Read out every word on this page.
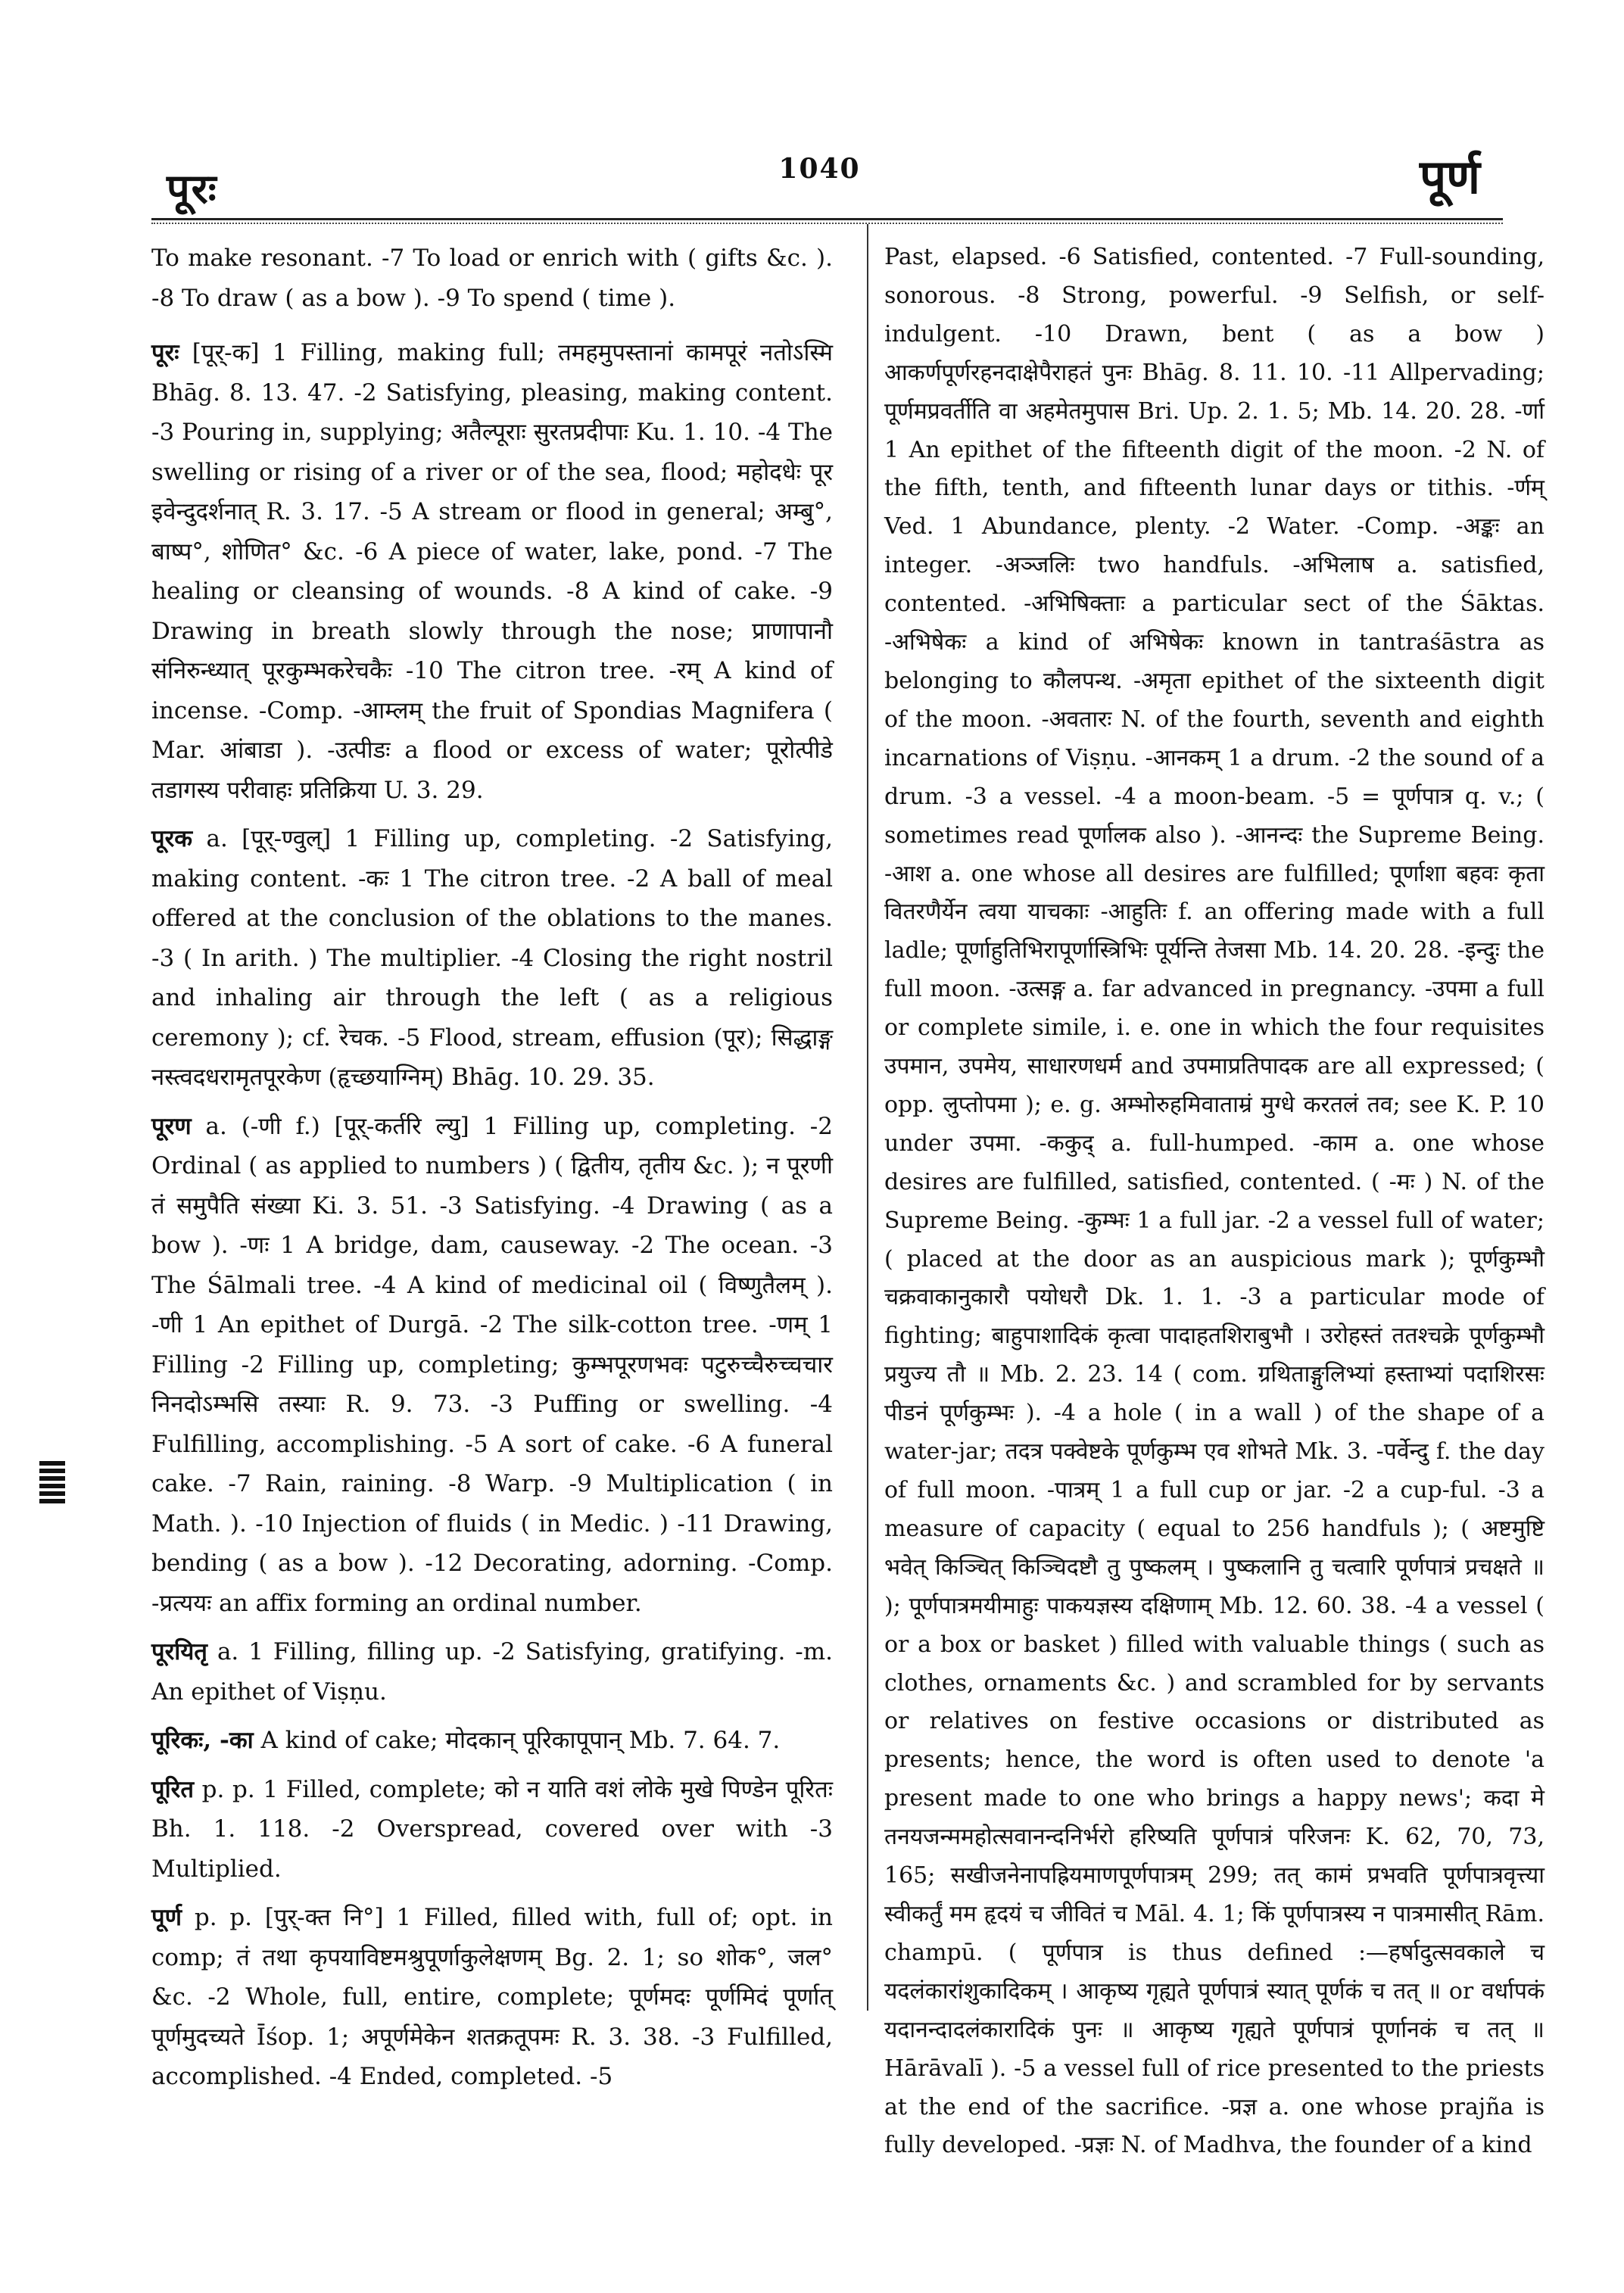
पूरः	1040	पूर्ण

To make resonant. -7 To load or enrich with ( gifts &c. ). -8 To draw ( as a bow ). -9 To spend ( time ).

पूरः [पूर्-क] 1 Filling, making full; तमहमुपस्तानां कामपूरं नतोऽस्मि Bhāg. 8. 13. 47. -2 Satisfying, pleasing, making content. -3 Pouring in, supplying; अतैल्पूराः सुरतप्रदीपाः Ku. 1. 10. -4 The swelling or rising of a river or of the sea, flood; महोदधेः पूर इवेन्दुदर्शनात् R. 3. 17. -5 A stream or flood in general; अम्बु°, बाष्प°, शोणित° &c. -6 A piece of water, lake, pond. -7 The healing or cleansing of wounds. -8 A kind of cake. -9 Drawing in breath slowly through the nose; प्राणापानौ संनिरुन्ध्यात् पूरकुम्भकरेचकैः -10 The citron tree. -रम् A kind of incense. -Comp. -आम्लम् the fruit of Spondias Magnifera ( Mar. आंबाडा ). -उत्पीडः a flood or excess of water; पूरोत्पीडे तडागस्य परीवाहः प्रतिक्रिया U. 3. 29.

पूरक a. [पूर्-ण्वुल्] 1 Filling up, completing. -2 Satisfying, making content. -कः 1 The citron tree. -2 A ball of meal offered at the conclusion of the oblations to the manes. -3 ( In arith. ) The multiplier. -4 Closing the right nostril and inhaling air through the left ( as a religious ceremony ); cf. रेचक. -5 Flood, stream, effusion (पूर); सिद्धाङ्ग नस्त्वदधरामृतपूरकेण (हृच्छयाग्निम्) Bhāg. 10. 29. 35.

पूरण a. (-णी f.) [पूर्-कर्तरि ल्यु] 1 Filling up, completing. -2 Ordinal ( as applied to numbers ) ( द्वितीय, तृतीय &c. ); न पूरणी तं समुपैति संख्या Ki. 3. 51. -3 Satisfying. -4 Drawing ( as a bow ). -णः 1 A bridge, dam, causeway. -2 The ocean. -3 The Śālmali tree. -4 A kind of medicinal oil ( विष्णुतैलम् ). -णी 1 An epithet of Durgā. -2 The silk-cotton tree. -णम् 1 Filling -2 Filling up, completing; कुम्भपूरणभवः पटुरुच्चैरुच्चचार निनदोऽम्भसि तस्याः R. 9. 73. -3 Puffing or swelling. -4 Fulfilling, accomplishing. -5 A sort of cake. -6 A funeral cake. -7 Rain, raining. -8 Warp. -9 Multiplication ( in Math. ). -10 Injection of fluids ( in Medic. ) -11 Drawing, bending ( as a bow ). -12 Decorating, adorning. -Comp. -प्रत्ययः an affix forming an ordinal number.

पूरयितृ a. 1 Filling, filling up. -2 Satisfying, gratifying. -m. An epithet of Viṣṇu.

पूरिकः, -का A kind of cake; मोदकान् पूरिकापूपान् Mb. 7. 64. 7.

पूरित p. p. 1 Filled, complete; को न याति वशं लोके मुखे पिण्डेन पूरितः Bh. 1. 118. -2 Overspread, covered over with -3 Multiplied.

पूर्ण p. p. [पुर्-क्त नि°] 1 Filled, filled with, full of; opt. in comp; तं तथा कृपयाविष्टमश्रुपूर्णाकुलेक्षणम् Bg. 2. 1; so शोक°, जल° &c. -2 Whole, full, entire, complete; पूर्णमदः पूर्णमिदं पूर्णात् पूर्णमुदच्यते Īśop. 1; अपूर्णमेकेन शतक्रतूपमः R. 3. 38. -3 Fulfilled, accomplished. -4 Ended, completed. -5

Past, elapsed. -6 Satisfied, contented. -7 Full-sounding, sonorous. -8 Strong, powerful. -9 Selfish, or self-indulgent. -10 Drawn, bent ( as a bow ) आकर्णपूर्णरहनदाक्षेपैराहतं पुनः Bhāg. 8. 11. 10. -11 Allpervading; पूर्णमप्रवर्तीति वा अहमेतमुपास Bri. Up. 2. 1. 5; Mb. 14. 20. 28. -र्णा 1 An epithet of the fifteenth digit of the moon. -2 N. of the fifth, tenth, and fifteenth lunar days or tithis. -र्णम् Ved. 1 Abundance, plenty. -2 Water. -Comp. -अङ्कः an integer. -अञ्जलिः two handfuls. -अभिलाष a. satisfied, contented. -अभिषिक्ताः a particular sect of the Śāktas. -अभिषेकः a kind of अभिषेकः known in tantraśāstra as belonging to कौलपन्थ. -अमृता epithet of the sixteenth digit of the moon. -अवतारः N. of the fourth, seventh and eighth incarnations of Viṣṇu. -आनकम् 1 a drum. -2 the sound of a drum. -3 a vessel. -4 a moon-beam. -5 = पूर्णपात्र q. v.; ( sometimes read पूर्णालक also ). -आनन्दः the Supreme Being. -आश a. one whose all desires are fulfilled; पूर्णाशा बहवः कृता वितरणैर्येन त्वया याचकाः -आहुतिः f. an offering made with a full ladle; पूर्णाहुतिभिरापूर्णास्त्रिभिः पूर्यन्ति तेजसा Mb. 14. 20. 28. -इन्दुः the full moon. -उत्सङ्ग a. far advanced in pregnancy. -उपमा a full or complete simile, i. e. one in which the four requisites उपमान, उपमेय, साधारणधर्म and उपमाप्रतिपादक are all expressed; ( opp. लुप्तोपमा ); e. g. अम्भोरुहमिवाताम्रं मुग्धे करतलं तव; see K. P. 10 under उपमा. -ककुद् a. full-humped. -काम a. one whose desires are fulfilled, satisfied, contented. ( -मः ) N. of the Supreme Being. -कुम्भः 1 a full jar. -2 a vessel full of water; ( placed at the door as an auspicious mark ); पूर्णकुम्भौ चक्रवाकानुकारौ पयोधरौ Dk. 1. 1. -3 a particular mode of fighting; बाहुपाशादिकं कृत्वा पादाहतशिराबुभौ । उरोहस्तं ततश्चक्रे पूर्णकुम्भौ प्रयुज्य तौ ॥ Mb. 2. 23. 14 ( com. ग्रथिताङ्गुलिभ्यां हस्ताभ्यां पदाशिरसः पीडनं पूर्णकुम्भः ). -4 a hole ( in a wall ) of the shape of a water-jar; तदत्र पक्वेष्टके पूर्णकुम्भ एव शोभते Mk. 3. -पर्वेन्दु f. the day of full moon. -पात्रम् 1 a full cup or jar. -2 a cup-ful. -3 a measure of capacity ( equal to 256 handfuls ); ( अष्टमुष्टि भवेत् किञ्चित् किञ्चिदष्टौ तु पुष्कलम् । पुष्कलानि तु चत्वारि पूर्णपात्रं प्रचक्षते ॥ ); पूर्णपात्रमयीमाहुः पाकयज्ञस्य दक्षिणाम् Mb. 12. 60. 38. -4 a vessel ( or a box or basket ) filled with valuable things ( such as clothes, ornaments &c. ) and scrambled for by servants or relatives on festive occasions or distributed as presents; hence, the word is often used to denote 'a present made to one who brings a happy news'; कदा मे तनयजन्ममहोत्सवानन्दनिर्भरो हरिष्यति पूर्णपात्रं परिजनः K. 62, 70, 73, 165; सखीजनेनापह्रियमाणपूर्णपात्रम् 299; तत् कामं प्रभवति पूर्णपात्रवृत्त्या स्वीकर्तुं मम हृदयं च जीवितं च Māl. 4. 1; किं पूर्णपात्रस्य न पात्रमासीत् Rām. champū. ( पूर्णपात्र is thus defined :—हर्षादुत्सवकाले च यदलंकारांशुकादिकम् । आकृष्य गृह्यते पूर्णपात्रं स्यात् पूर्णकं च तत् ॥ or वर्धापकं यदानन्दादलंकारादिकं पुनः ॥ आकृष्य गृह्यते पूर्णपात्रं पूर्णानकं च तत् ॥ Hārāvalī ). -5 a vessel full of rice presented to the priests at the end of the sacrifice. -प्रज्ञ a. one whose prajña is fully developed. -प्रज्ञः N. of Madhva, the founder of a kind
